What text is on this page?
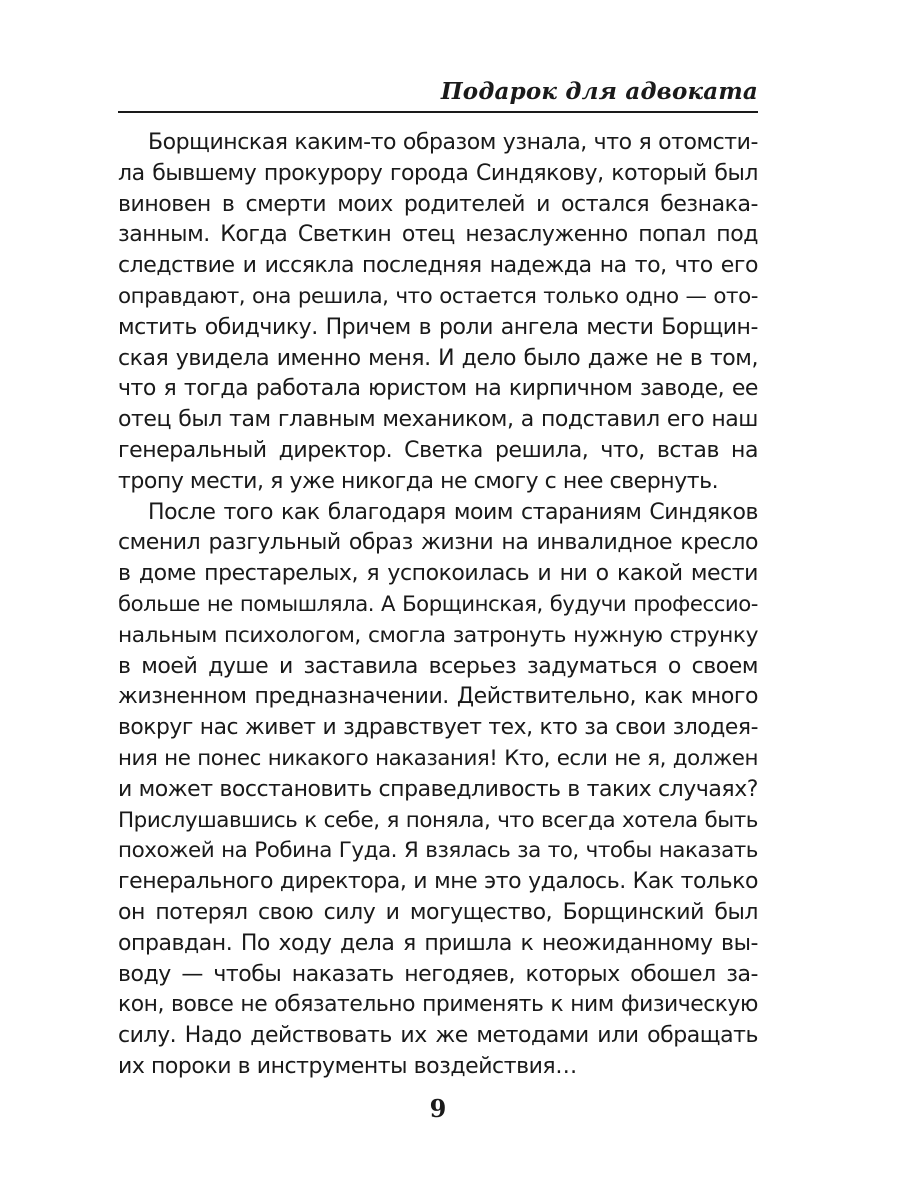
Подарок для адвоката

Борщинская каким-то образом узнала, что я отомсти-
ла бывшему прокурору города Синдякову, который был
виновен в смерти моих родителей и остался безнака-
занным. Когда Светкин отец незаслуженно попал под
следствие и иссякла последняя надежда на то, что его
оправдают, она решила, что остается только одно — ото-
мстить обидчику. Причем в роли ангела мести Борщин-
ская увидела именно меня. И дело было даже не в том,
что я тогда работала юристом на кирпичном заводе, ее
отец был там главным механиком, а подставил его наш
генеральный директор. Светка решила, что, встав на
тропу мести, я уже никогда не смогу с нее свернуть.

После того как благодаря моим стараниям Синдяков
сменил разгульный образ жизни на инвалидное кресло
в доме престарелых, я успокоилась и ни о какой мести
больше не помышляла. А Борщинская, будучи профессио-
нальным психологом, смогла затронуть нужную струнку
в моей душе и заставила всерьез задуматься о своем
жизненном предназначении. Действительно, как много
вокруг нас живет и здравствует тех, кто за свои злодея-
ния не понес никакого наказания! Кто, если не я, должен
и может восстановить справедливость в таких случаях?
Прислушавшись к себе, я поняла, что всегда хотела быть
похожей на Робина Гуда. Я взялась за то, чтобы наказать
генерального директора, и мне это удалось. Как только
он потерял свою силу и могущество, Борщинский был
оправдан. По ходу дела я пришла к неожиданному вы-
воду — чтобы наказать негодяев, которых обошел за-
кон, вовсе не обязательно применять к ним физическую
силу. Надо действовать их же методами или обращать
их пороки в инструменты воздействия…

9
